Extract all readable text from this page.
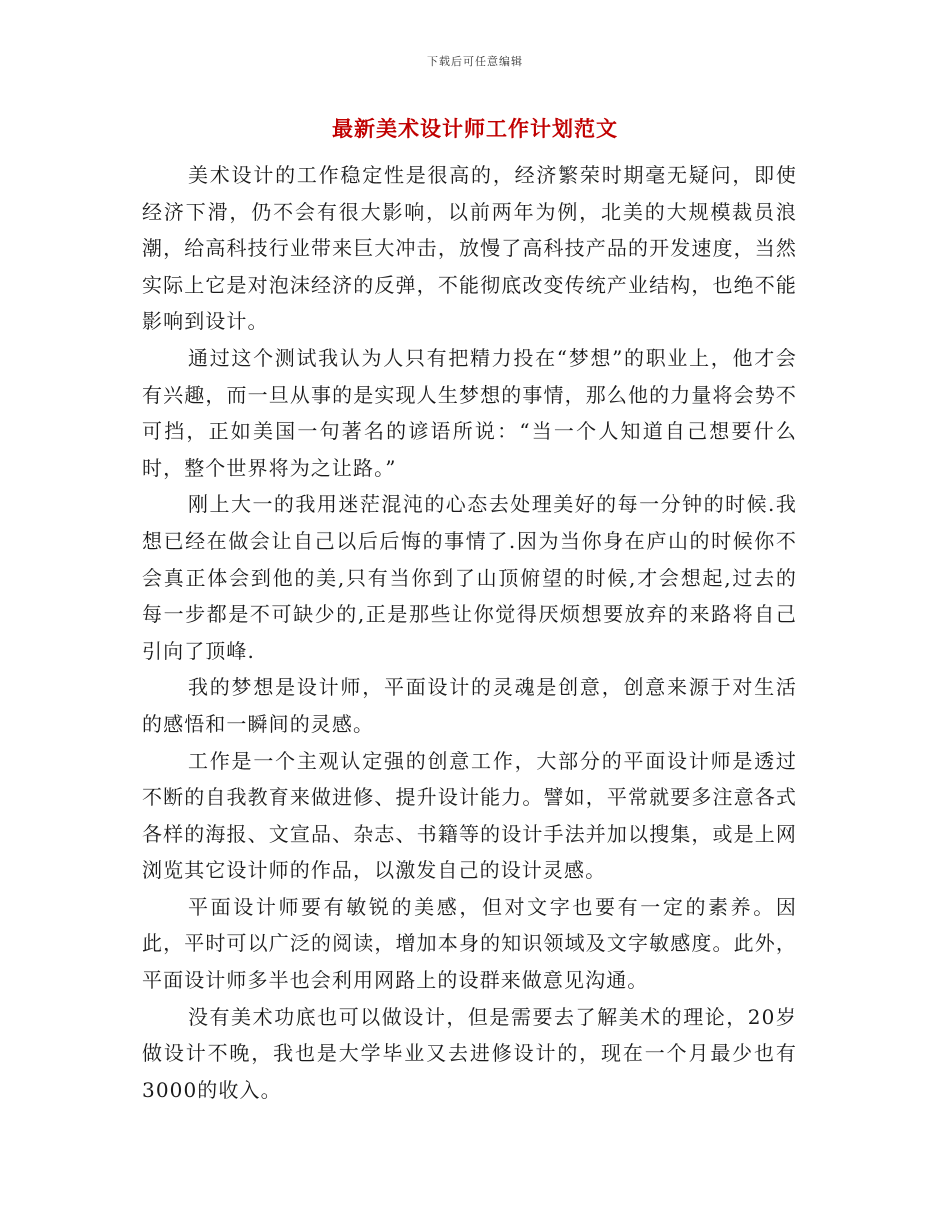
下载后可任意编辑
最新美术设计师工作计划范文

美术设计的工作稳定性是很高的，经济繁荣时期毫无疑问，即使经济下滑，仍不会有很大影响，以前两年为例，北美的大规模裁员浪潮，给高科技行业带来巨大冲击，放慢了高科技产品的开发速度，当然实际上它是对泡沫经济的反弹，不能彻底改变传统产业结构，也绝不能影响到设计。

通过这个测试我认为人只有把精力投在“梦想”的职业上，他才会有兴趣，而一旦从事的是实现人生梦想的事情，那么他的力量将会势不可挡，正如美国一句著名的谚语所说：“当一个人知道自己想要什么时，整个世界将为之让路。”

刚上大一的我用迷茫混沌的心态去处理美好的每一分钟的时候.我想已经在做会让自己以后后悔的事情了.因为当你身在庐山的时候你不会真正体会到他的美,只有当你到了山顶俯望的时候,才会想起,过去的每一步都是不可缺少的,正是那些让你觉得厌烦想要放弃的来路将自己引向了顶峰.

我的梦想是设计师，平面设计的灵魂是创意，创意来源于对生活的感悟和一瞬间的灵感。

工作是一个主观认定强的创意工作，大部分的平面设计师是透过不断的自我教育来做进修、提升设计能力。譬如，平常就要多注意各式各样的海报、文宣品、杂志、书籍等的设计手法并加以搜集，或是上网浏览其它设计师的作品，以激发自己的设计灵感。

平面设计师要有敏锐的美感，但对文字也要有一定的素养。因此，平时可以广泛的阅读，增加本身的知识领域及文字敏感度。此外，平面设计师多半也会利用网路上的设群来做意见沟通。

没有美术功底也可以做设计，但是需要去了解美术的理论，20岁做设计不晚，我也是大学毕业又去进修设计的，现在一个月最少也有3000的收入。
